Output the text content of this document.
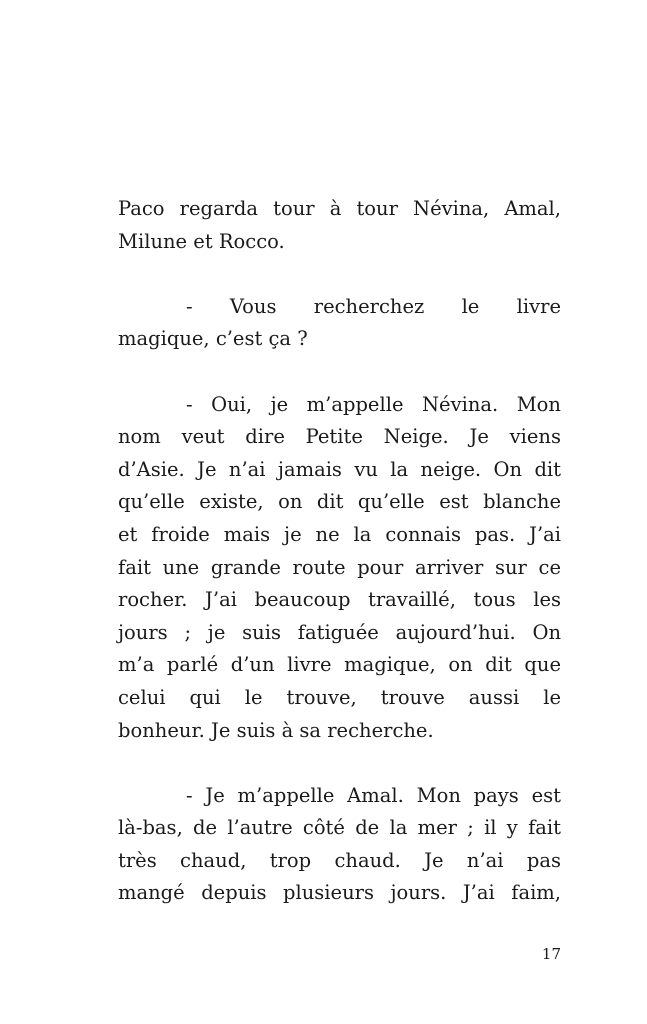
Paco regarda tour à tour Névina, Amal,
Milune et Rocco.

- Vous recherchez le livre
magique, c’est ça ?

- Oui, je m’appelle Névina. Mon
nom veut dire Petite Neige. Je viens
d’Asie. Je n’ai jamais vu la neige. On dit
qu’elle existe, on dit qu’elle est blanche
et froide mais je ne la connais pas. J’ai
fait une grande route pour arriver sur ce
rocher. J’ai beaucoup travaillé, tous les
jours ; je suis fatiguée aujourd’hui. On
m’a parlé d’un livre magique, on dit que
celui qui le trouve, trouve aussi le
bonheur. Je suis à sa recherche.

- Je m’appelle Amal. Mon pays est
là-bas, de l’autre côté de la mer ; il y fait
très chaud, trop chaud. Je n’ai pas
mangé depuis plusieurs jours. J’ai faim,

17
